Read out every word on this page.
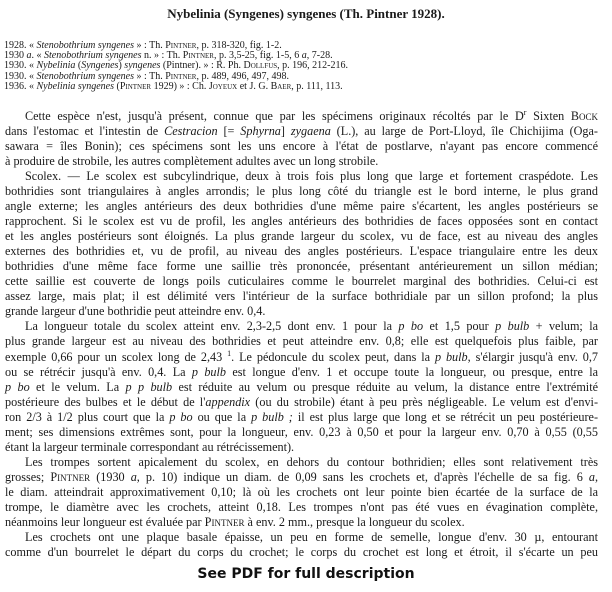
Nybelinia (Syngenes) syngenes (Th. Pintner 1928).
1928. « Stenobothrium syngenes » : Th. Pintner, p. 318-320, fig. 1-2.
1930 a. « Stenobothrium syngenes n. » : Th. Pintner, p. 3,5-25, fig. 1-5, 6 a, 7-28.
1930. « Nybelinia (Syngenes) syngenes (Pintner). » : R. Ph. Dollfus, p. 196, 212-216.
1930. « Stenobothrium syngenes » : Th. Pintner, p. 489, 496, 497, 498.
1936. « Nybelinia syngenes (Pintner 1929) » : Ch. Joyeux et J. G. Baer, p. 111, 113.
Cette espèce n'est, jusqu'à présent, connue que par les spécimens originaux récoltés par le $D^r$ Sixten Bock
dans l'estomac et l'intestin de Cestracion [= Sphyrna] zygaena (L.), au large de Port-Lloyd, île Chichijima (Oga-
sawara = îles Bonin); ces spécimens sont les uns encore à l'état de postlarve, n'ayant pas encore commencé
à produire de strobile, les autres complètement adultes avec un long strobile.
Scolex. — Le scolex est subcylindrique, deux à trois fois plus long que large et fortement craspédote. Les
bothridies sont triangulaires à angles arrondis; le plus long côté du triangle est le bord interne, le plus grand
angle externe; les angles antérieurs des deux bothridies d'une même paire s'écartent, les angles postérieurs se
rapprochent. Si le scolex est vu de profil, les angles antérieurs des bothridies de faces opposées sont en contact
et les angles postérieurs sont éloignés. La plus grande largeur du scolex, vu de face, est au niveau des angles
externes des bothridies et, vu de profil, au niveau des angles postérieurs. L'espace triangulaire entre les deux
bothridies d'une même face forme une saillie très prononcée, présentant antérieurement un sillon médian;
cette saillie est couverte de longs poils cuticulaires comme le bourrelet marginal des bothridies. Celui-ci est
assez large, mais plat; il est délimité vers l'intérieur de la surface bothridiale par un sillon profond; la plus
grande largeur d'une bothridie peut atteindre env. 0,4.
La longueur totale du scolex atteint env. 2,3-2,5 dont env. 1 pour la p bo et 1,5 pour p bulb + velum; la
plus grande largeur est au niveau des bothridies et peut atteindre env. 0,8; elle est quelquefois plus faible, par
exemple 0,66 pour un scolex long de 2,43 $^1$. Le pédoncule du scolex peut, dans la p bulb, s'élargir jusqu'à env. 0,7
ou se rétrécir jusqu'à env. 0,4. La p bulb est longue d'env. 1 et occupe toute la longueur, ou presque, entre la
p bo et le velum. La p p bulb est réduite au velum ou presque réduite au velum, la distance entre l'extrémité
postérieure des bulbes et le début de l'appendix (ou du strobile) étant à peu près négligeable. Le velum est d'envi-
ron 2/3 à 1/2 plus court que la p bo ou que la p bulb ; il est plus large que long et se rétrécit un peu postérieure-
ment; ses dimensions extrêmes sont, pour la longueur, env. 0,23 à 0,50 et pour la largeur env. 0,70 à 0,55 (0,55
étant la largeur terminale correspondant au rétrécissement).
Les trompes sortent apicalement du scolex, en dehors du contour bothridien; elles sont relativement très
grosses; Pintner (1930 a, p. 10) indique un diam. de 0,09 sans les crochets et, d'après l'échelle de sa fig. 6 a,
le diam. atteindrait approximativement 0,10; là où les crochets ont leur pointe bien écartée de la surface de la
trompe, le diamètre avec les crochets, atteint 0,18. Les trompes n'ont pas été vues en évagination complète,
néanmoins leur longueur est évaluée par Pintner à env. 2 mm., presque la longueur du scolex.
Les crochets ont une plaque basale épaisse, un peu en forme de semelle, longue d'env. 30 µ, entourant
comme d'un bourrelet le départ du corps du crochet; le corps du crochet est long et étroit, il s'écarte un peu
See PDF for full description
